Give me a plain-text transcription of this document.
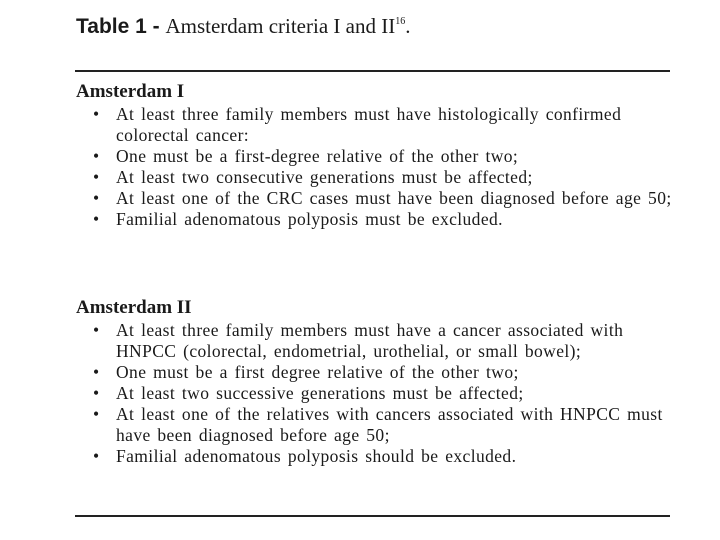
Table 1 - Amsterdam criteria I and II$^{16}$.

Amsterdam I

• At least three family members must have histologically confirmed colorectal cancer:
• One must be a first-degree relative of the other two;
• At least two consecutive generations must be affected;
• At least one of the CRC cases must have been diagnosed before age 50;
• Familial adenomatous polyposis must be excluded.

Amsterdam II

• At least three family members must have a cancer associated with HNPCC (colorectal, endometrial, urothelial, or small bowel);
• One must be a first degree relative of the other two;
• At least two successive generations must be affected;
• At least one of the relatives with cancers associated with HNPCC must have been diagnosed before age 50;
• Familial adenomatous polyposis should be excluded.
